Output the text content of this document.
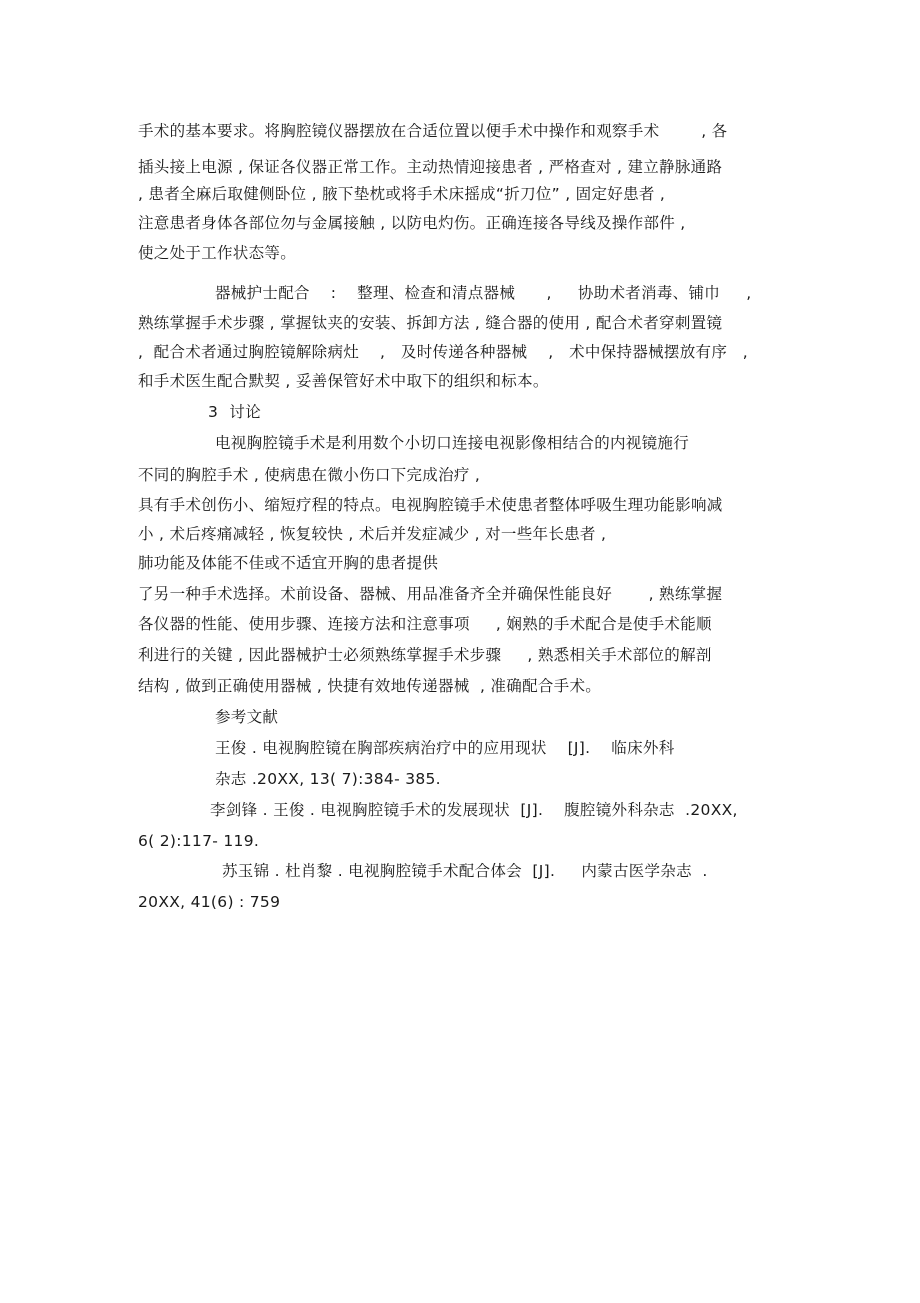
手术的基本要求。将胸腔镜仪器摆放在合适位置以便手术中操作和观察手术        , 各
插头接上电源 , 保证各仪器正常工作。主动热情迎接患者 , 严格查对 , 建立静脉通路
, 患者全麻后取健侧卧位 , 腋下垫枕或将手术床摇成“折刀位” , 固定好患者 ,
注意患者身体各部位勿与金属接触 , 以防电灼伤。正确连接各导线及操作部件 ,
使之处于工作状态等。
器械护士配合    :    整理、检查和清点器械      ,     协助术者消毒、铺巾     ,
熟练掌握手术步骤 , 掌握钛夹的安装、拆卸方法 , 缝合器的使用 , 配合术者穿刺置镜
,  配合术者通过胸腔镜解除病灶    ,   及时传递各种器械    ,   术中保持器械摆放有序   ,
和手术医生配合默契 , 妥善保管好术中取下的组织和标本。
3  讨论
电视胸腔镜手术是利用数个小切口连接电视影像相结合的内视镜施行
不同的胸腔手术 , 使病患在微小伤口下完成治疗 ,
具有手术创伤小、缩短疗程的特点。电视胸腔镜手术使患者整体呼吸生理功能影响减
小 , 术后疼痛减轻 , 恢复较快 , 术后并发症减少 , 对一些年长患者 ,
肺功能及体能不佳或不适宜开胸的患者提供
了另一种手术选择。术前设备、器械、用品准备齐全并确保性能良好       , 熟练掌握
各仪器的性能、使用步骤、连接方法和注意事项     , 娴熟的手术配合是使手术能顺
利进行的关键 , 因此器械护士必须熟练掌握手术步骤     , 熟悉相关手术部位的解剖
结构 , 做到正确使用器械 , 快捷有效地传递器械  , 准确配合手术。
参考文献
王俊 . 电视胸腔镜在胸部疾病治疗中的应用现状    [J].    临床外科
杂志 .20XX, 13( 7):384- 385.
李剑锋 . 王俊 . 电视胸腔镜手术的发展现状  [J].    腹腔镜外科杂志  .20XX,
6( 2):117- 119.
苏玉锦 . 杜肖黎 . 电视胸腔镜手术配合体会  [J].     内蒙古医学杂志  .
20XX, 41(6) : 759
